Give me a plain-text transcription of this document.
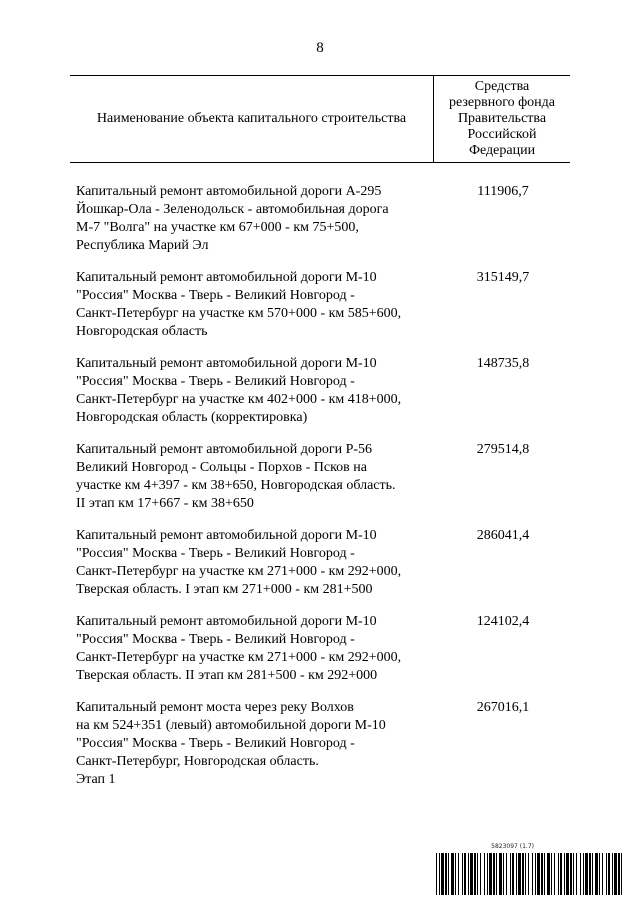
8
Наименование объекта капитального строительства
Средства
резервного фонда
Правительства
Российской
Федерации
Капитальный ремонт автомобильной дороги А-295
Йошкар-Ола - Зеленодольск - автомобильная дорога
М-7 "Волга" на участке км 67+000 - км 75+500,
Республика Марий Эл
111906,7
Капитальный ремонт автомобильной дороги М-10
"Россия" Москва - Тверь - Великий Новгород -
Санкт-Петербург на участке км 570+000 - км 585+600,
Новгородская область
315149,7
Капитальный ремонт автомобильной дороги М-10
"Россия" Москва - Тверь - Великий Новгород -
Санкт-Петербург на участке км 402+000 - км 418+000,
Новгородская область (корректировка)
148735,8
Капитальный ремонт автомобильной дороги Р-56
Великий Новгород - Сольцы - Порхов - Псков на
участке км 4+397 - км 38+650, Новгородская область.
II этап км 17+667 - км 38+650
279514,8
Капитальный ремонт автомобильной дороги М-10
"Россия" Москва - Тверь - Великий Новгород -
Санкт-Петербург на участке км 271+000 - км 292+000,
Тверская область. I этап км 271+000 - км 281+500
286041,4
Капитальный ремонт автомобильной дороги М-10
"Россия" Москва - Тверь - Великий Новгород -
Санкт-Петербург на участке км 271+000 - км 292+000,
Тверская область. II этап км 281+500 - км 292+000
124102,4
Капитальный ремонт моста через реку Волхов
на км 524+351 (левый) автомобильной дороги М-10
"Россия" Москва - Тверь - Великий Новгород -
Санкт-Петербург, Новгородская область.
Этап 1
267016,1
5823097 (1.7)
